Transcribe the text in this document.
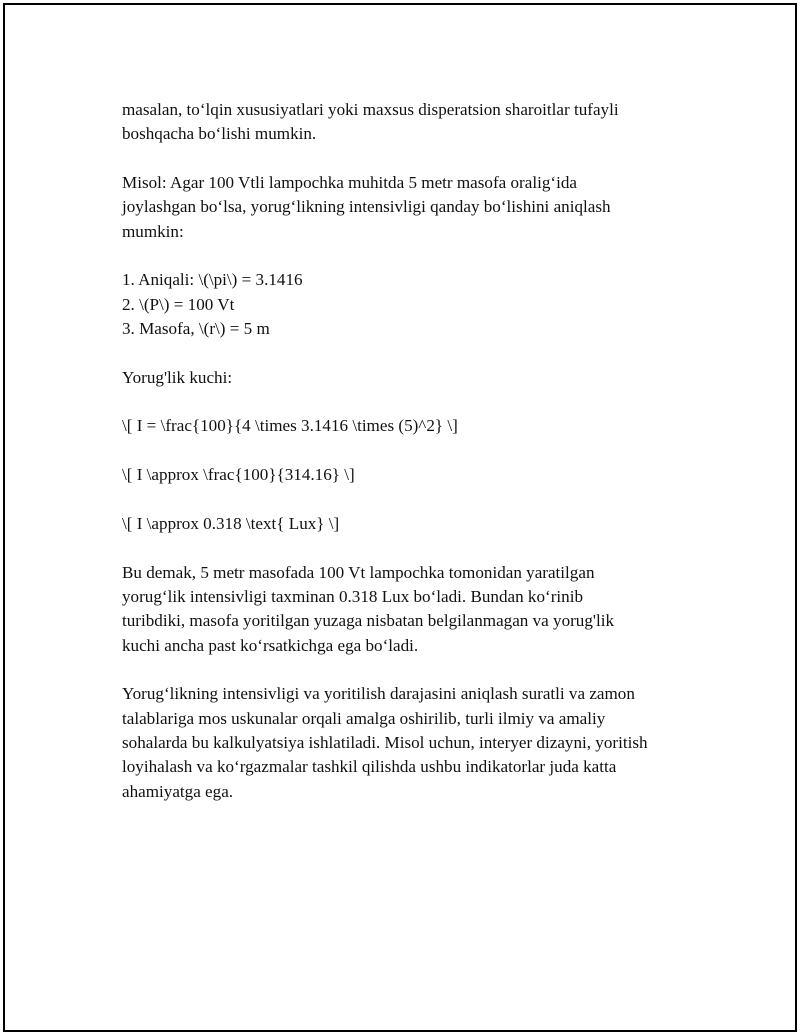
masalan, to‘lqin xususiyatlari yoki maxsus disperatsion sharoitlar tufayli
boshqacha bo‘lishi mumkin.

Misol: Agar 100 Vtli lampochka muhitda 5 metr masofa oralig‘ida
joylashgan bo‘lsa, yorug‘likning intensivligi qanday bo‘lishini aniqlash
mumkin:

1. Aniqali: \(\pi\) = 3.1416
2. \(P\) = 100 Vt
3. Masofa, \(r\) = 5 m

Yorug'lik kuchi:

\[ I = \frac{100}{4 \times 3.1416 \times (5)^2} \]

\[ I \approx \frac{100}{314.16} \]

\[ I \approx 0.318 \text{ Lux} \]

Bu demak, 5 metr masofada 100 Vt lampochka tomonidan yaratilgan
yorug‘lik intensivligi taxminan 0.318 Lux bo‘ladi. Bundan ko‘rinib
turibdiki, masofa yoritilgan yuzaga nisbatan belgilanmagan va yorug'lik
kuchi ancha past ko‘rsatkichga ega bo‘ladi.

Yorug‘likning intensivligi va yoritilish darajasini aniqlash suratli va zamon
talablariga mos uskunalar orqali amalga oshirilib, turli ilmiy va amaliy
sohalarda bu kalkulyatsiya ishlatiladi. Misol uchun, interyer dizayni, yoritish
loyihalash va ko‘rgazmalar tashkil qilishda ushbu indikatorlar juda katta
ahamiyatga ega.
